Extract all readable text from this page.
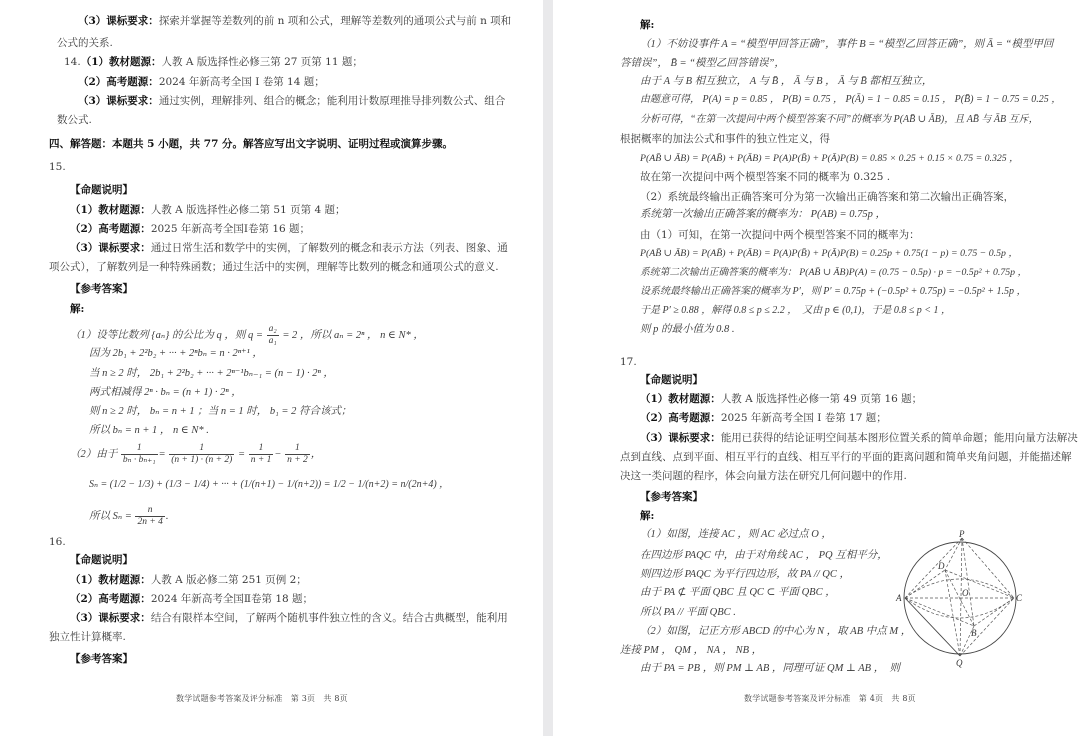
（3）课标要求：探索并掌握等差数列的前 n 项和公式，理解等差数列的通项公式与前 n 项和
公式的关系.
14.（1）教材题源：人教 A 版选择性必修三第 27 页第 11 题；
（2）高考题源：2024 年新高考全国 Ⅰ 卷第 14 题；
（3）课标要求：通过实例，理解排列、组合的概念；能利用计数原理推导排列数公式、组合
数公式.
四、解答题：本题共 5 小题，共 77 分。解答应写出文字说明、证明过程或演算步骤。
15.
【命题说明】
（1）教材题源：人教 A 版选择性必修二第 51 页第 4 题；
（2）高考题源：2025 年新高考全国Ⅰ卷第 16 题；
（3）课标要求：通过日常生活和数学中的实例，了解数列的概念和表示方法（列表、图象、通
项公式），了解数列是一种特殊函数；通过生活中的实例，理解等比数列的概念和通项公式的意义.
【参考答案】
解:
（1）设等比数列 {aₙ} 的公比为 q ，则 $q = \frac{\text{a₂}}{\text{a₁}} = 2$ ，所以 aₙ = 2ⁿ ， n ∈ N* ，
因为 2b₁ + 2²b₂ + ··· + 2ⁿbₙ = n · 2ⁿ⁺¹ ，
当 n ≥ 2 时， 2b₁ + 2²b₂ + ··· + 2ⁿ⁻¹bₙ₋₁ = (n − 1) · 2ⁿ ，
两式相减得 2ⁿ · bₙ = (n + 1) · 2ⁿ ，
则 n ≥ 2 时， bₙ = n + 1 ；当 n = 1 时， b₁ = 2 符合该式；
所以 bₙ = n + 1 ， n ∈ N* .
（2）由于 $\frac{1}{\text{bₙ · bₙ₊₁}} = \frac{1}{(n + 1) \cdot (n + 2)} = \frac{1}{n + 1} - \frac{1}{n + 2}$ ，
Sₙ = (1/2 − 1/3) + (1/3 − 1/4) + ··· + (1/(n+1) − 1/(n+2)) = 1/2 − 1/(n+2) = n/(2n+4) ，
所以 $S_n = \frac{n}{2n + 4}$ .
16.
【命题说明】
（1）教材题源：人教 A 版必修二第 251 页例 2；
（2）高考题源：2024 年新高考全国Ⅱ卷第 18 题；
（3）课标要求：结合有限样本空间，了解两个随机事件独立性的含义。结合古典概型，能利用
独立性计算概率.
【参考答案】
数学试题参考答案及评分标准　第 3页　共 8页
解:
（1）不妨设事件 A = “模型甲回答正确”，事件 B = “模型乙回答正确”，则 Ā = “模型甲回
答错误”， B̄ = “模型乙回答错误”，
由于 A 与 B 相互独立， A 与 B̄ ， Ā 与 B ， Ā 与 B̄ 都相互独立，
由题意可得， P(A) = p = 0.85 ， P(B) = 0.75 ， P(Ā) = 1 − 0.85 = 0.15 ， P(B̄) = 1 − 0.75 = 0.25 ，
分析可得，“在第一次提问中两个模型答案不同”的概率为 P(AB̄ ∪ ĀB)，且 AB̄ 与 ĀB 互斥，
根据概率的加法公式和事件的独立性定义，得
P(AB̄ ∪ ĀB) = P(AB̄) + P(ĀB) = P(A)P(B̄) + P(Ā)P(B) = 0.85 × 0.25 + 0.15 × 0.75 = 0.325 ，
故在第一次提问中两个模型答案不同的概率为 0.325 .
（2）系统最终输出正确答案可分为第一次输出正确答案和第二次输出正确答案，
系统第一次输出正确答案的概率为： P(AB) = 0.75p ，
由（1）可知，在第一次提问中两个模型答案不同的概率为：
P(AB̄ ∪ ĀB) = P(AB̄) + P(ĀB) = P(A)P(B̄) + P(Ā)P(B) = 0.25p + 0.75(1 − p) = 0.75 − 0.5p ，
系统第二次输出正确答案的概率为： P(AB̄ ∪ ĀB)P(A) = (0.75 − 0.5p) · p = −0.5p² + 0.75p ，
设系统最终输出正确答案的概率为 P′，则 P′ = 0.75p + (−0.5p² + 0.75p) = −0.5p² + 1.5p ，
于是 P′ ≥ 0.88 ，解得 0.8 ≤ p ≤ 2.2 ，　又由 p ∈ (0,1)，于是 0.8 ≤ p < 1 ，
则 p 的最小值为 0.8 .
17.
【命题说明】
（1）教材题源：人教 A 版选择性必修一第 49 页第 16 题；
（2）高考题源：2025 年新高考全国 Ⅰ 卷第 17 题；
（3）课标要求：能用已获得的结论证明空间基本图形位置关系的简单命题；能用向量方法解决
点到直线、点到平面、相互平行的直线、相互平行的平面的距离问题和简单夹角问题，并能描述解
决这一类问题的程序，体会向量方法在研究几何问题中的作用.
【参考答案】
解:
（1）如图，连接 AC ，则 AC 必过点 O ，
在四边形 PAQC 中，由于对角线 AC ， PQ 互相平分，
则四边形 PAQC 为平行四边形，故 PA // QC ，
由于 PA ⊄ 平面 QBC 且 QC ⊂ 平面 QBC ，
所以 PA // 平面 QBC .
（2）如图，记正方形 ABCD 的中心为 N ，取 AB 中点 M ，
连接 PM ， QM ， NA ， NB ，
由于 PA = PB ，则 PM ⊥ AB ，同理可证 QM ⊥ AB ，　则
P
D
A	O	C
B
Q
数学试题参考答案及评分标准　第 4页　共 8页
